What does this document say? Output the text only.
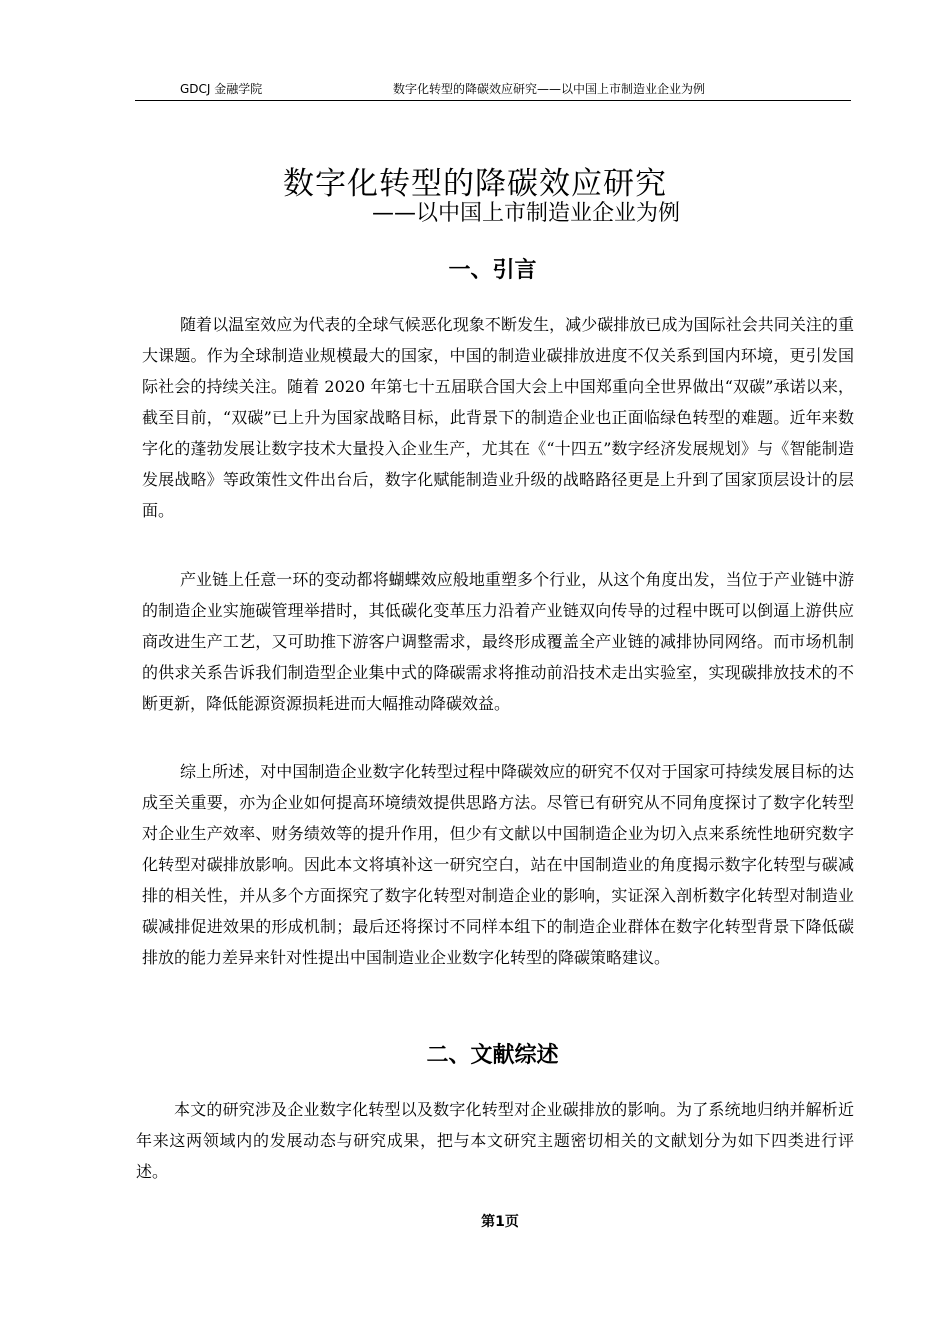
GDCJ 金融学院	数字化转型的降碳效应研究——以中国上市制造业企业为例
数字化转型的降碳效应研究
——以中国上市制造业企业为例
一、引言

随着以温室效应为代表的全球气候恶化现象不断发生，减少碳排放已成为国际社会共同关注的重大课题。作为全球制造业规模最大的国家，中国的制造业碳排放进度不仅关系到国内环境，更引发国际社会的持续关注。随着 2020 年第七十五届联合国大会上中国郑重向全世界做出“双碳”承诺以来，截至目前，“双碳”已上升为国家战略目标，此背景下的制造企业也正面临绿色转型的难题。近年来数字化的蓬勃发展让数字技术大量投入企业生产，尤其在《“十四五”数字经济发展规划》与《智能制造发展战略》等政策性文件出台后，数字化赋能制造业升级的战略路径更是上升到了国家顶层设计的层面。

产业链上任意一环的变动都将蝴蝶效应般地重塑多个行业，从这个角度出发，当位于产业链中游的制造企业实施碳管理举措时，其低碳化变革压力沿着产业链双向传导的过程中既可以倒逼上游供应商改进生产工艺，又可助推下游客户调整需求，最终形成覆盖全产业链的减排协同网络。而市场机制的供求关系告诉我们制造型企业集中式的降碳需求将推动前沿技术走出实验室，实现碳排放技术的不断更新，降低能源资源损耗进而大幅推动降碳效益。

综上所述，对中国制造企业数字化转型过程中降碳效应的研究不仅对于国家可持续发展目标的达成至关重要，亦为企业如何提高环境绩效提供思路方法。尽管已有研究从不同角度探讨了数字化转型对企业生产效率、财务绩效等的提升作用，但少有文献以中国制造企业为切入点来系统性地研究数字化转型对碳排放影响。因此本文将填补这一研究空白，站在中国制造业的角度揭示数字化转型与碳减排的相关性，并从多个方面探究了数字化转型对制造企业的影响，实证深入剖析数字化转型对制造业碳减排促进效果的形成机制；最后还将探讨不同样本组下的制造企业群体在数字化转型背景下降低碳排放的能力差异来针对性提出中国制造业企业数字化转型的降碳策略建议。

二、文献综述

本文的研究涉及企业数字化转型以及数字化转型对企业碳排放的影响。为了系统地归纳并解析近年来这两领域内的发展动态与研究成果，把与本文研究主题密切相关的文献划分为如下四类进行评述。

第1页
